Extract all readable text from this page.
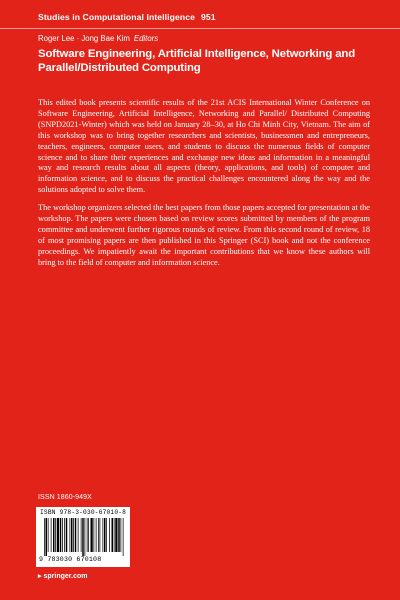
Studies in Computational Intelligence 951
Roger Lee · Jong Bae Kim Editors
Software Engineering, Artificial Intelligence, Networking and
Parallel/Distributed Computing

This edited book presents scientific results of the 21st ACIS International Winter Conference on Software Engineering, Artificial Intelligence, Networking and Parallel/ Distributed Computing (SNPD2021-Winter) which was held on January 28–30, at Ho Chi Minh City, Vietnam. The aim of this workshop was to bring together researchers and scientists, businessmen and entrepreneurs, teachers, engineers, computer users, and students to discuss the numerous fields of computer science and to share their experiences and exchange new ideas and information in a meaningful way and research results about all aspects (theory, applications, and tools) of computer and information science, and to discuss the practical challenges encountered along the way and the solutions adopted to solve them.

The workshop organizers selected the best papers from those papers accepted for presentation at the workshop. The papers were chosen based on review scores submitted by members of the program committee and underwent further rigorous rounds of review. From this second round of review, 18 of most promising papers are then published in this Springer (SCI) book and not the conference proceedings. We impatiently await the important contributions that we know these authors will bring to the field of computer and information science.

ISSN 1860-949X
ISBN 978-3-030-67010-8
9 783030 670108
▸ springer.com
